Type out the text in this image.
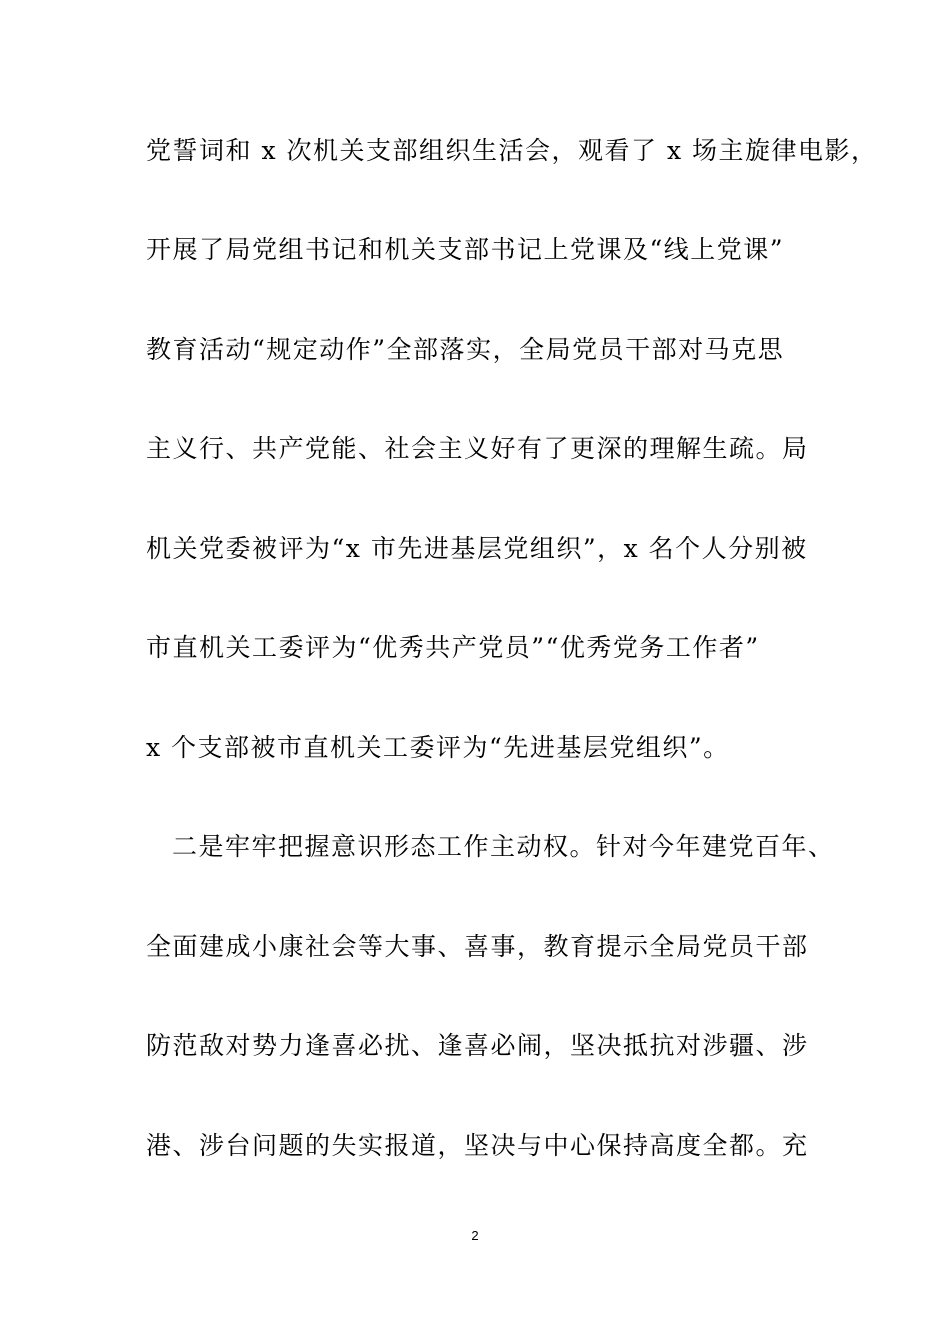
党誓词和 x 次机关支部组织生活会，观看了 x 场主旋律电影，
开展了局党组书记和机关支部书记上党课及“线上党课”
教育活动“规定动作”全部落实，全局党员干部对马克思
主义行、共产党能、社会主义好有了更深的理解生疏。局
机关党委被评为“x 市先进基层党组织”，x 名个人分别被
市直机关工委评为“优秀共产党员”“优秀党务工作者”
x 个支部被市直机关工委评为“先进基层党组织”。
二是牢牢把握意识形态工作主动权。针对今年建党百年、
全面建成小康社会等大事、喜事，教育提示全局党员干部
防范敌对势力逢喜必扰、逢喜必闹，坚决抵抗对涉疆、涉
港、涉台问题的失实报道，坚决与中心保持高度全都。充
2
